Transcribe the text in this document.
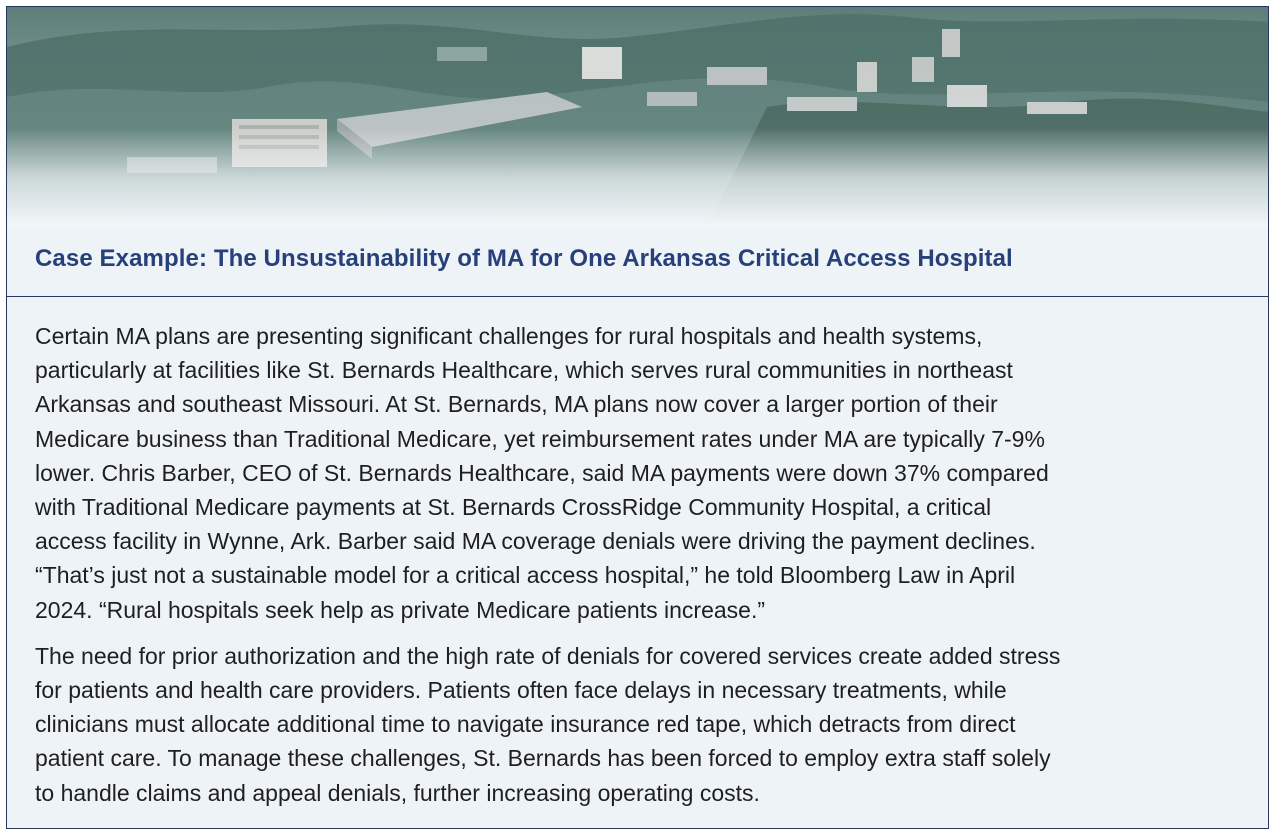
Case Example: The Unsustainability of MA for One Arkansas Critical Access Hospital

Certain MA plans are presenting significant challenges for rural hospitals and health systems,
particularly at facilities like St. Bernards Healthcare, which serves rural communities in northeast
Arkansas and southeast Missouri. At St. Bernards, MA plans now cover a larger portion of their
Medicare business than Traditional Medicare, yet reimbursement rates under MA are typically 7-9%
lower. Chris Barber, CEO of St. Bernards Healthcare, said MA payments were down 37% compared
with Traditional Medicare payments at St. Bernards CrossRidge Community Hospital, a critical
access facility in Wynne, Ark. Barber said MA coverage denials were driving the payment declines.
“That’s just not a sustainable model for a critical access hospital,” he told Bloomberg Law in April
2024. “Rural hospitals seek help as private Medicare patients increase.”

The need for prior authorization and the high rate of denials for covered services create added stress
for patients and health care providers. Patients often face delays in necessary treatments, while
clinicians must allocate additional time to navigate insurance red tape, which detracts from direct
patient care. To manage these challenges, St. Bernards has been forced to employ extra staff solely
to handle claims and appeal denials, further increasing operating costs.
